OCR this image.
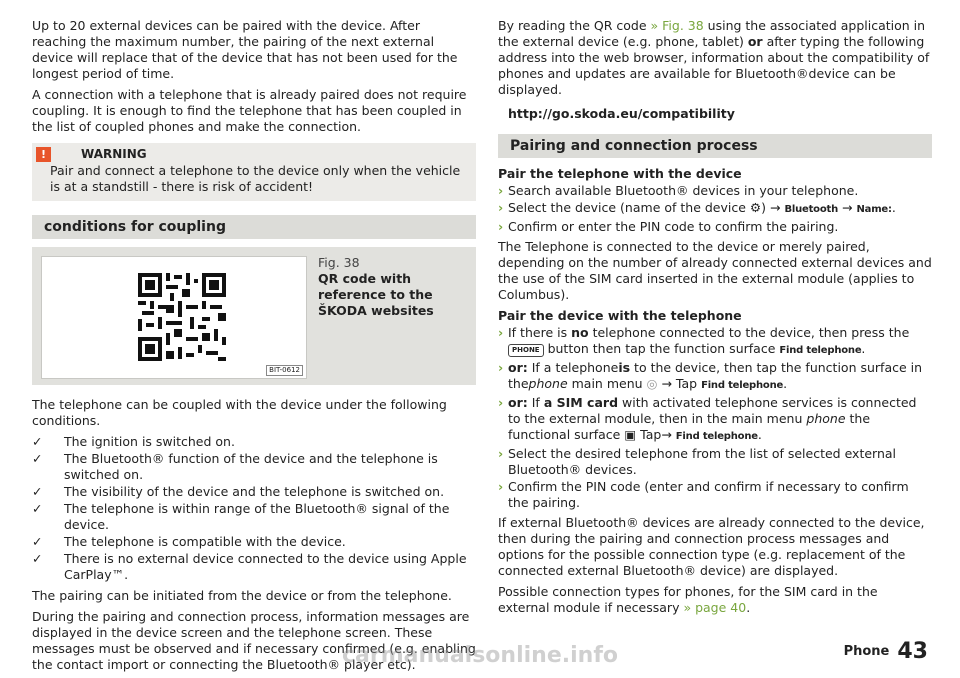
Up to 20 external devices can be paired with the device. After reaching the maximum number, the pairing of the next external device will replace that of the device that has not been used for the longest period of time.

A connection with a telephone that is already paired does not require coupling. It is enough to find the telephone that has been coupled in the list of coupled phones and make the connection.

!	WARNING
Pair and connect a telephone to the device only when the vehicle is at a standstill - there is risk of accident!
conditions for coupling
BIT-0612
Fig. 38
QR code with reference to the ŠKODA websites

The telephone can be coupled with the device under the following conditions.

✓ The ignition is switched on.
✓ The Bluetooth® function of the device and the telephone is switched on.
✓ The visibility of the device and the telephone is switched on.
✓ The telephone is within range of the Bluetooth® signal of the device.
✓ The telephone is compatible with the device.
✓ There is no external device connected to the device using Apple CarPlay™.

The pairing can be initiated from the device or from the telephone.

During the pairing and connection process, information messages are displayed in the device screen and the telephone screen. These messages must be observed and if necessary confirmed (e.g. enabling the contact import or connecting the Bluetooth® player etc).

By reading the QR code » Fig. 38 using the associated application in the external device (e.g. phone, tablet) or after typing the following address into the web browser, information about the compatibility of phones and updates are available for Bluetooth®device can be displayed.

http://go.skoda.eu/compatibility
Pairing and connection process
Pair the telephone with the device
› Search available Bluetooth® devices in your telephone.
› Select the device (name of the device ⚙) → Bluetooth → Name:.
› Confirm or enter the PIN code to confirm the pairing.

The Telephone is connected to the device or merely paired, depending on the number of already connected external devices and the use of the SIM card inserted in the external module (applies to Columbus).

Pair the device with the telephone
› If there is no telephone connected to the device, then press the PHONE button then tap the function surface Find telephone.
› or: If a telephoneis to the device, then tap the function surface in thephone main menu ◎ → Tap Find telephone.
› or: If a SIM card with activated telephone services is connected to the external module, then in the main menu phone the functional surface ▣ Tap→ Find telephone.
› Select the desired telephone from the list of selected external Bluetooth® devices.
› Confirm the PIN code (enter and confirm if necessary to confirm the pairing.

If external Bluetooth® devices are already connected to the device, then during the pairing and connection process messages and options for the possible connection type (e.g. replacement of the connected external Bluetooth® device) are displayed.

Possible connection types for phones, for the SIM card in the external module if necessary » page 40.

carmanualsonline.info	Phone 43
